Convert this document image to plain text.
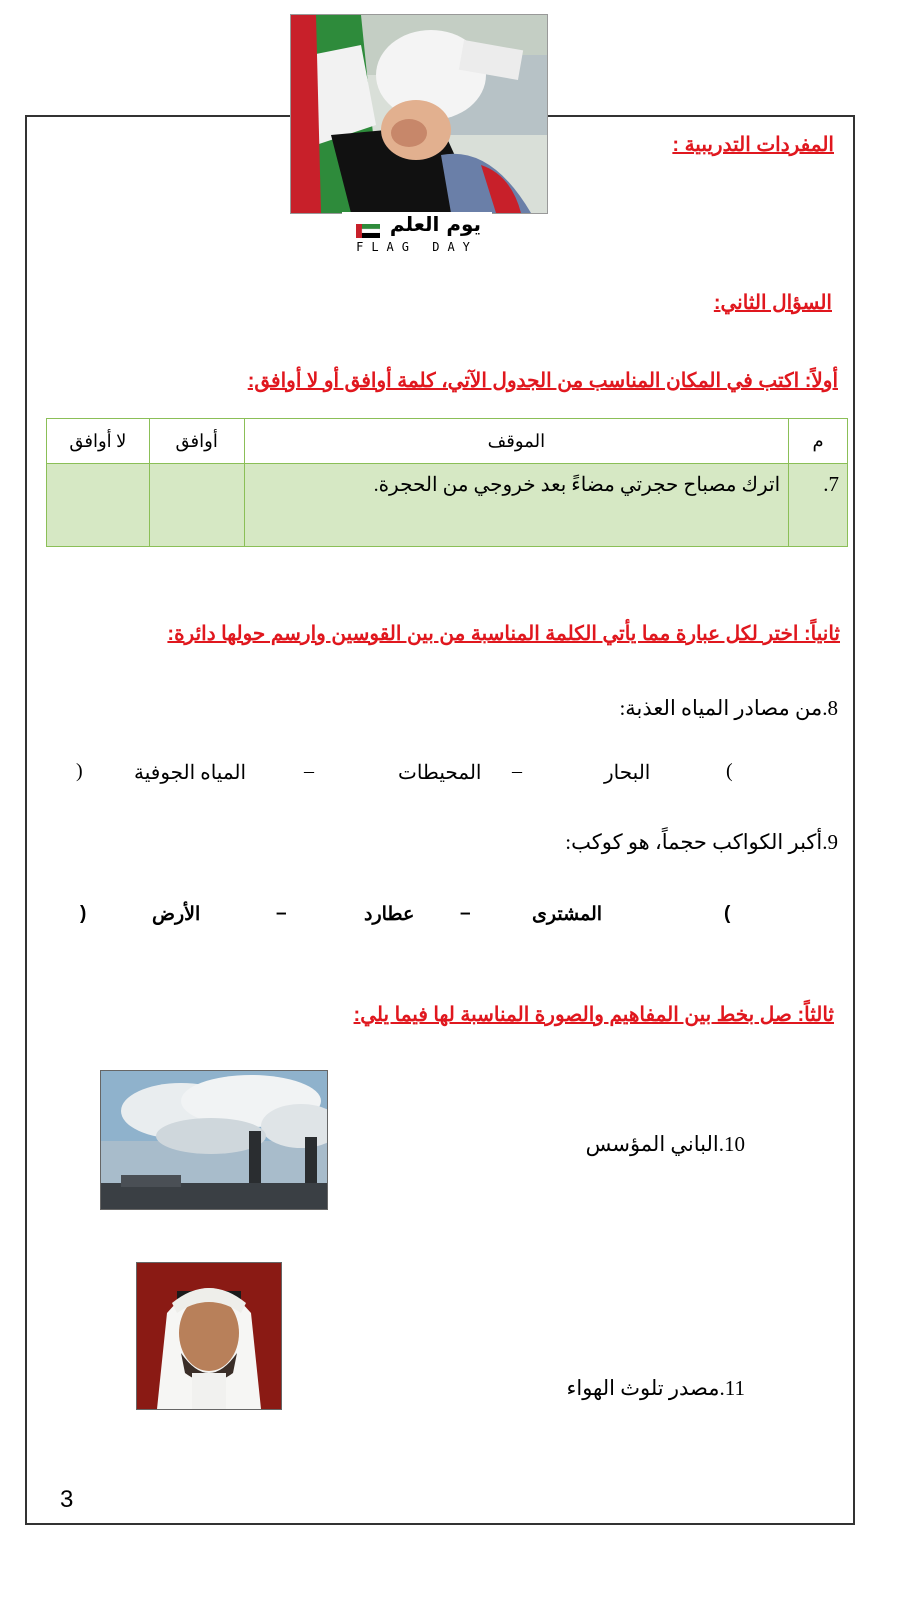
يوم العلم
FLAG DAY
المفردات التدريبية :
السؤال الثاني:
أولاً: اكتب في المكان المناسب من الجدول الآتي، كلمة أوافق أو لا أوافق:
م	الموقف	أوافق	لا أوافق
7.	اترك مصباح حجرتي مضاءً بعد خروجي من الحجرة.		
ثانياً: اختر لكل عبارة مما يأتي الكلمة المناسبة من بين القوسين وارسم حولها دائرة:
8.من مصادر المياه العذبة:
)	المياه الجوفية	–	المحيطات –	البحار	(
9.أكبر الكواكب حجماً، هو كوكب:
)	الأرض	–	عطارد –	المشترى	(
ثالثاً: صل بخط بين المفاهيم والصورة المناسبة لها فيما يلي:
10.الباني المؤسس
11.مصدر تلوث الهواء
3
